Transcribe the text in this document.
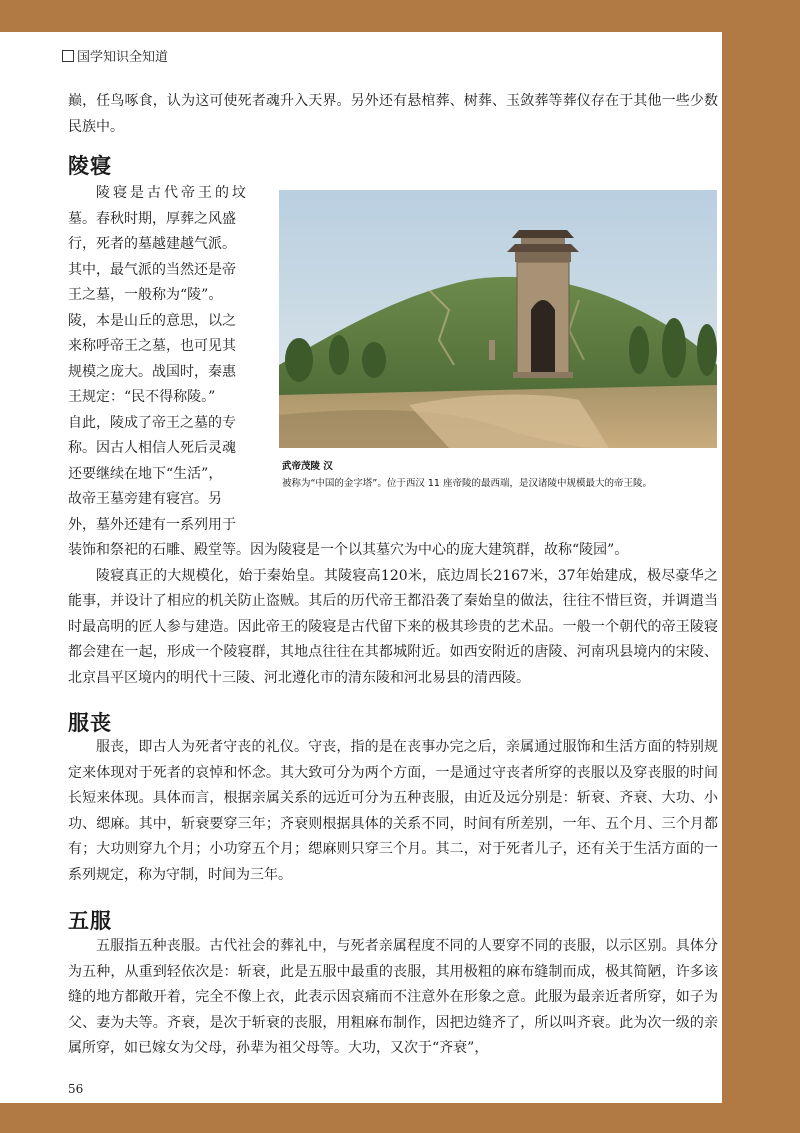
国学知识全知道
巅，任鸟啄食，认为这可使死者魂升入天界。另外还有悬棺葬、树葬、玉敛葬等葬仪存在于其他一些少数民族中。
陵寝
陵寝是古代帝王的坟
墓。春秋时期，厚葬之风盛
行，死者的墓越建越气派。
其中，最气派的当然还是帝
王之墓，一般称为“陵”。
陵，本是山丘的意思，以之
来称呼帝王之墓，也可见其
规模之庞大。战国时，秦惠
王规定：“民不得称陵。”
自此，陵成了帝王之墓的专
称。因古人相信人死后灵魂
还要继续在地下“生活”，
故帝王墓旁建有寝宫。另
外，墓外还建有一系列用于
武帝茂陵 汉
被称为“中国的金字塔”。位于西汉 11 座帝陵的最西端，是汉诸陵中规模最大的帝王陵。
装饰和祭祀的石雕、殿堂等。因为陵寝是一个以其墓穴为中心的庞大建筑群，故称“陵园”。
陵寝真正的大规模化，始于秦始皇。其陵寝高120米，底边周长2167米，37年始建成，极尽豪华之能事，并设计了相应的机关防止盗贼。其后的历代帝王都沿袭了秦始皇的做法，往往不惜巨资，并调遣当时最高明的匠人参与建造。因此帝王的陵寝是古代留下来的极其珍贵的艺术品。一般一个朝代的帝王陵寝都会建在一起，形成一个陵寝群，其地点往往在其都城附近。如西安附近的唐陵、河南巩县境内的宋陵、北京昌平区境内的明代十三陵、河北遵化市的清东陵和河北易县的清西陵。
服丧
服丧，即古人为死者守丧的礼仪。守丧，指的是在丧事办完之后，亲属通过服饰和生活方面的特别规定来体现对于死者的哀悼和怀念。其大致可分为两个方面，一是通过守丧者所穿的丧服以及穿丧服的时间长短来体现。具体而言，根据亲属关系的远近可分为五种丧服，由近及远分别是：斩衰、齐衰、大功、小功、缌麻。其中，斩衰要穿三年；齐衰则根据具体的关系不同，时间有所差别，一年、五个月、三个月都有；大功则穿九个月；小功穿五个月；缌麻则只穿三个月。其二，对于死者儿子，还有关于生活方面的一系列规定，称为守制，时间为三年。
五服
五服指五种丧服。古代社会的葬礼中，与死者亲属程度不同的人要穿不同的丧服，以示区别。具体分为五种，从重到轻依次是：斩衰，此是五服中最重的丧服，其用极粗的麻布缝制而成，极其简陋，许多该缝的地方都敞开着，完全不像上衣，此表示因哀痛而不注意外在形象之意。此服为最亲近者所穿，如子为父、妻为夫等。齐衰，是次于斩衰的丧服，用粗麻布制作，因把边缝齐了，所以叫齐衰。此为次一级的亲属所穿，如已嫁女为父母，孙辈为祖父母等。大功，又次于“齐衰”，
56
